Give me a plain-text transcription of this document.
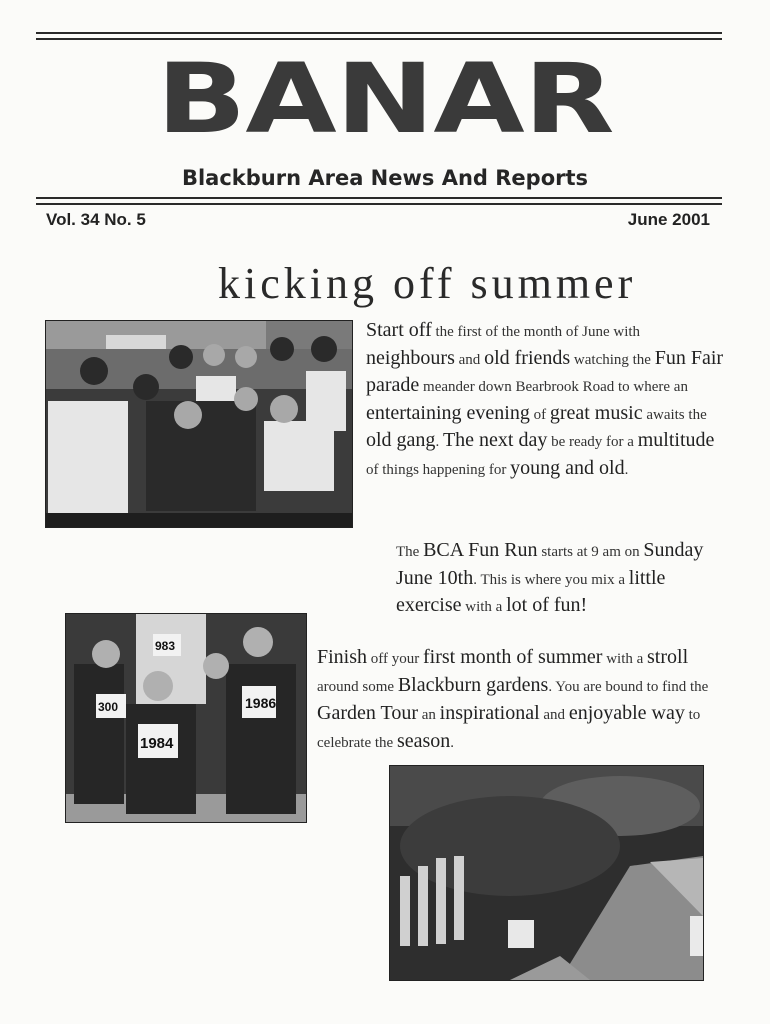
BANAR
Blackburn Area News And Reports
Vol. 34 No. 5	June 2001
kicking off summer

Start off the first of the month of June with neighbours and old friends watching the Fun Fair parade meander down Bearbrook Road to where an entertaining evening of great music awaits the old gang. The next day be ready for a multitude of things happening for young and old.

The BCA Fun Run starts at 9 am on Sunday June 10th. This is where you mix a little exercise with a lot of fun!

983
300	1986
1984

Finish off your first month of summer with a stroll around some Blackburn gardens. You are bound to find the Garden Tour an inspirational and enjoyable way to celebrate the season.
